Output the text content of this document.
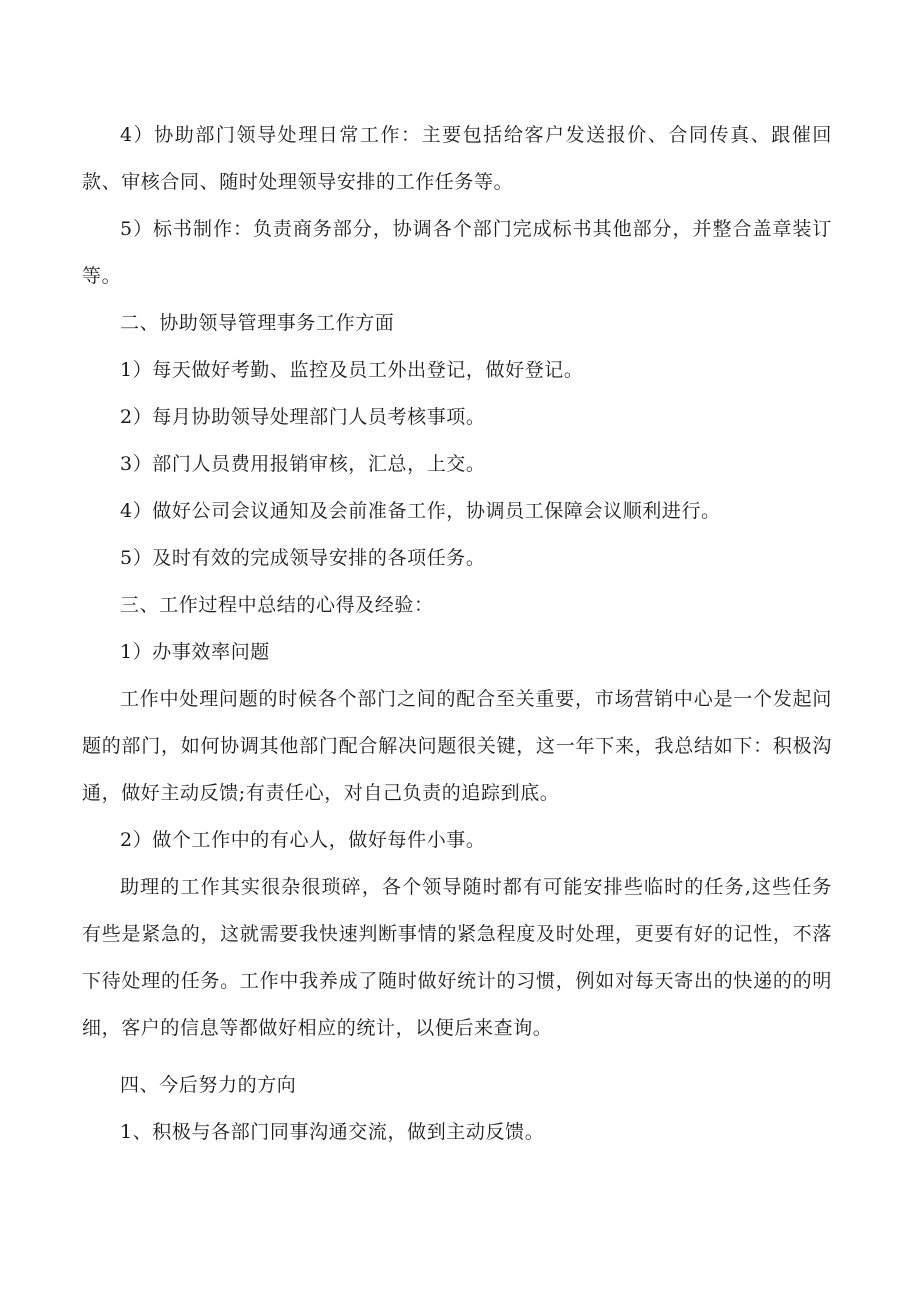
4）协助部门领导处理日常工作：主要包括给客户发送报价、合同传真、跟催回款、审核合同、随时处理领导安排的工作任务等。

5）标书制作：负责商务部分，协调各个部门完成标书其他部分，并整合盖章装订等。

二、协助领导管理事务工作方面

1）每天做好考勤、监控及员工外出登记，做好登记。

2）每月协助领导处理部门人员考核事项。

3）部门人员费用报销审核，汇总，上交。

4）做好公司会议通知及会前准备工作，协调员工保障会议顺利进行。

5）及时有效的完成领导安排的各项任务。

三、工作过程中总结的心得及经验：

1）办事效率问题

工作中处理问题的时候各个部门之间的配合至关重要，市场营销中心是一个发起问题的部门，如何协调其他部门配合解决问题很关键，这一年下来，我总结如下：积极沟通，做好主动反馈;有责任心，对自己负责的追踪到底。

2）做个工作中的有心人，做好每件小事。

助理的工作其实很杂很琐碎，各个领导随时都有可能安排些临时的任务,这些任务有些是紧急的，这就需要我快速判断事情的紧急程度及时处理，更要有好的记性，不落下待处理的任务。工作中我养成了随时做好统计的习惯，例如对每天寄出的快递的的明细，客户的信息等都做好相应的统计，以便后来查询。

四、今后努力的方向

1、积极与各部门同事沟通交流，做到主动反馈。
